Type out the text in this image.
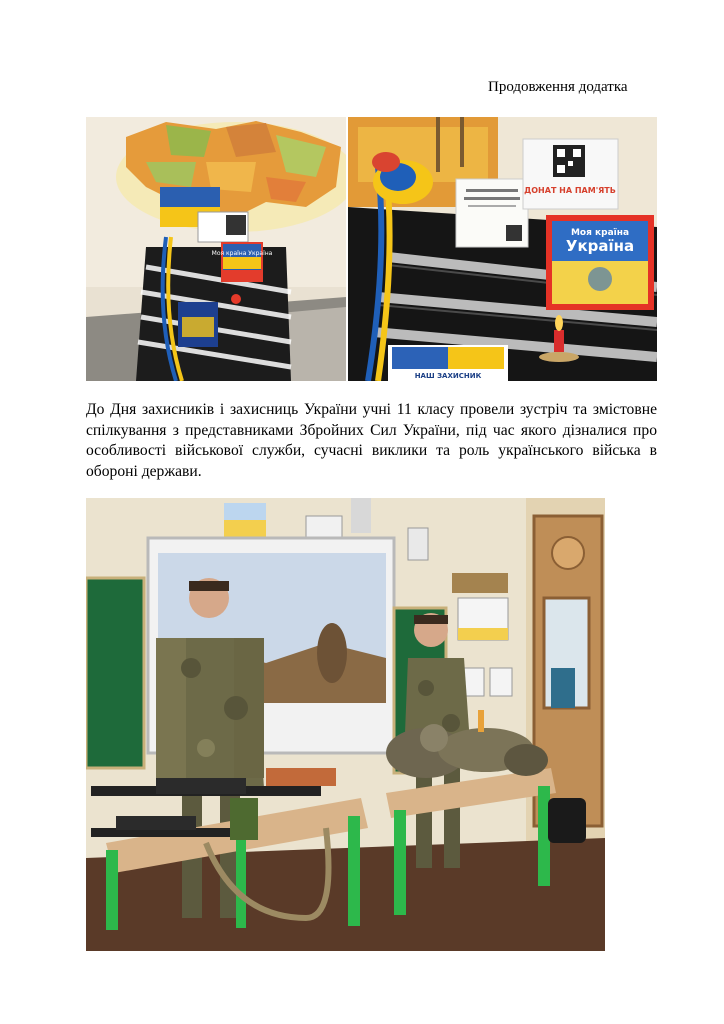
Продовження додатка
Моя країна Україна
ДОНАТ НА ПАМ'ЯТЬ
Моя країна
Україна
НАШ ЗАХИСНИК
До Дня захисників і захисниць України учні 11 класу провели зустріч та змістовне спілкування з представниками Збройних Сил України, під час якого дізналися про особливості військової служби, сучасні виклики та роль українського війська в обороні держави.
